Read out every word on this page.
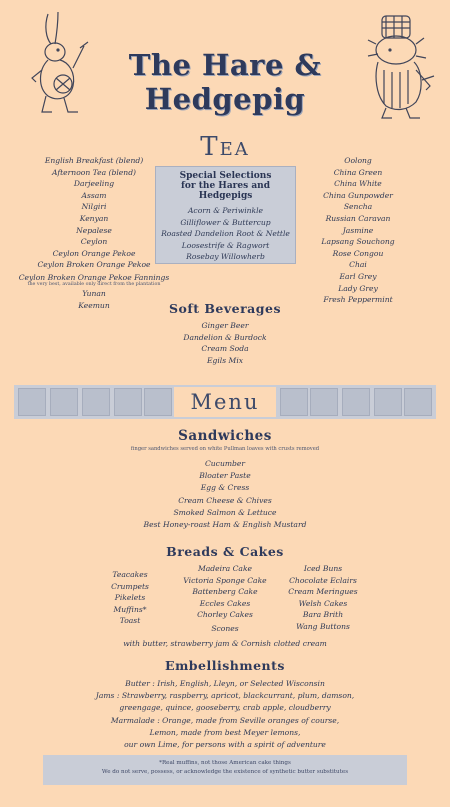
The Hare & Hedgepig
Tea
English Breakfast (blend)
Afternoon Tea (blend)
Darjeeling
Assam
Nilgiri
Kenyan
Nepalese
Ceylon
Ceylon Orange Pekoe
Ceylon Broken Orange Pekoe
Ceylon Broken Orange Pekoe Fannings
the very best, available only direct from the plantation
Yunan
Keemun
Special Selections
for the Hares and Hedgepigs
Acorn & Periwinkle
Gilliflower & Buttercup
Roasted Dandelion Root & Nettle
Loosestrife & Ragwort
Rosebay Willowherb
Oolong
China Green
China White
China Gunpowder
Sencha
Russian Caravan
Jasmine
Lapsang Souchong
Rose Congou
Chai
Earl Grey
Lady Grey
Fresh Peppermint
Soft Beverages
Ginger Beer
Dandelion & Burdock
Cream Soda
Egils Mix
Menu
Sandwiches
finger sandwiches served on white Pullman loaves with crusts removed
Cucumber
Bloater Paste
Egg & Cress
Cream Cheese & Chives
Smoked Salmon & Lettuce
Best Honey-roast Ham & English Mustard
Breads & Cakes
Teacakes
Crumpets
Pikelets
Muffins*
Toast
Madeira Cake
Victoria Sponge Cake
Battenberg Cake
Eccles Cakes
Chorley Cakes
Scones
Iced Buns
Chocolate Eclairs
Cream Meringues
Welsh Cakes
Bara Brith
Wang Buttons
with butter, strawberry jam & Cornish clotted cream
Embellishments
Butter : Irish, English, Lleyn, or Selected Wisconsin
Jams : Strawberry, raspberry, apricot, blackcurrant, plum, damson,
greengage, quince, gooseberry, crab apple, cloudberry
Marmalade : Orange, made from Seville oranges of course,
Lemon, made from best Meyer lemons,
our own Lime, for persons with a spirit of adventure
*Real muffins, not those American cake things
We do not serve, possess, or acknowledge the existence of synthetic butter substitutes
